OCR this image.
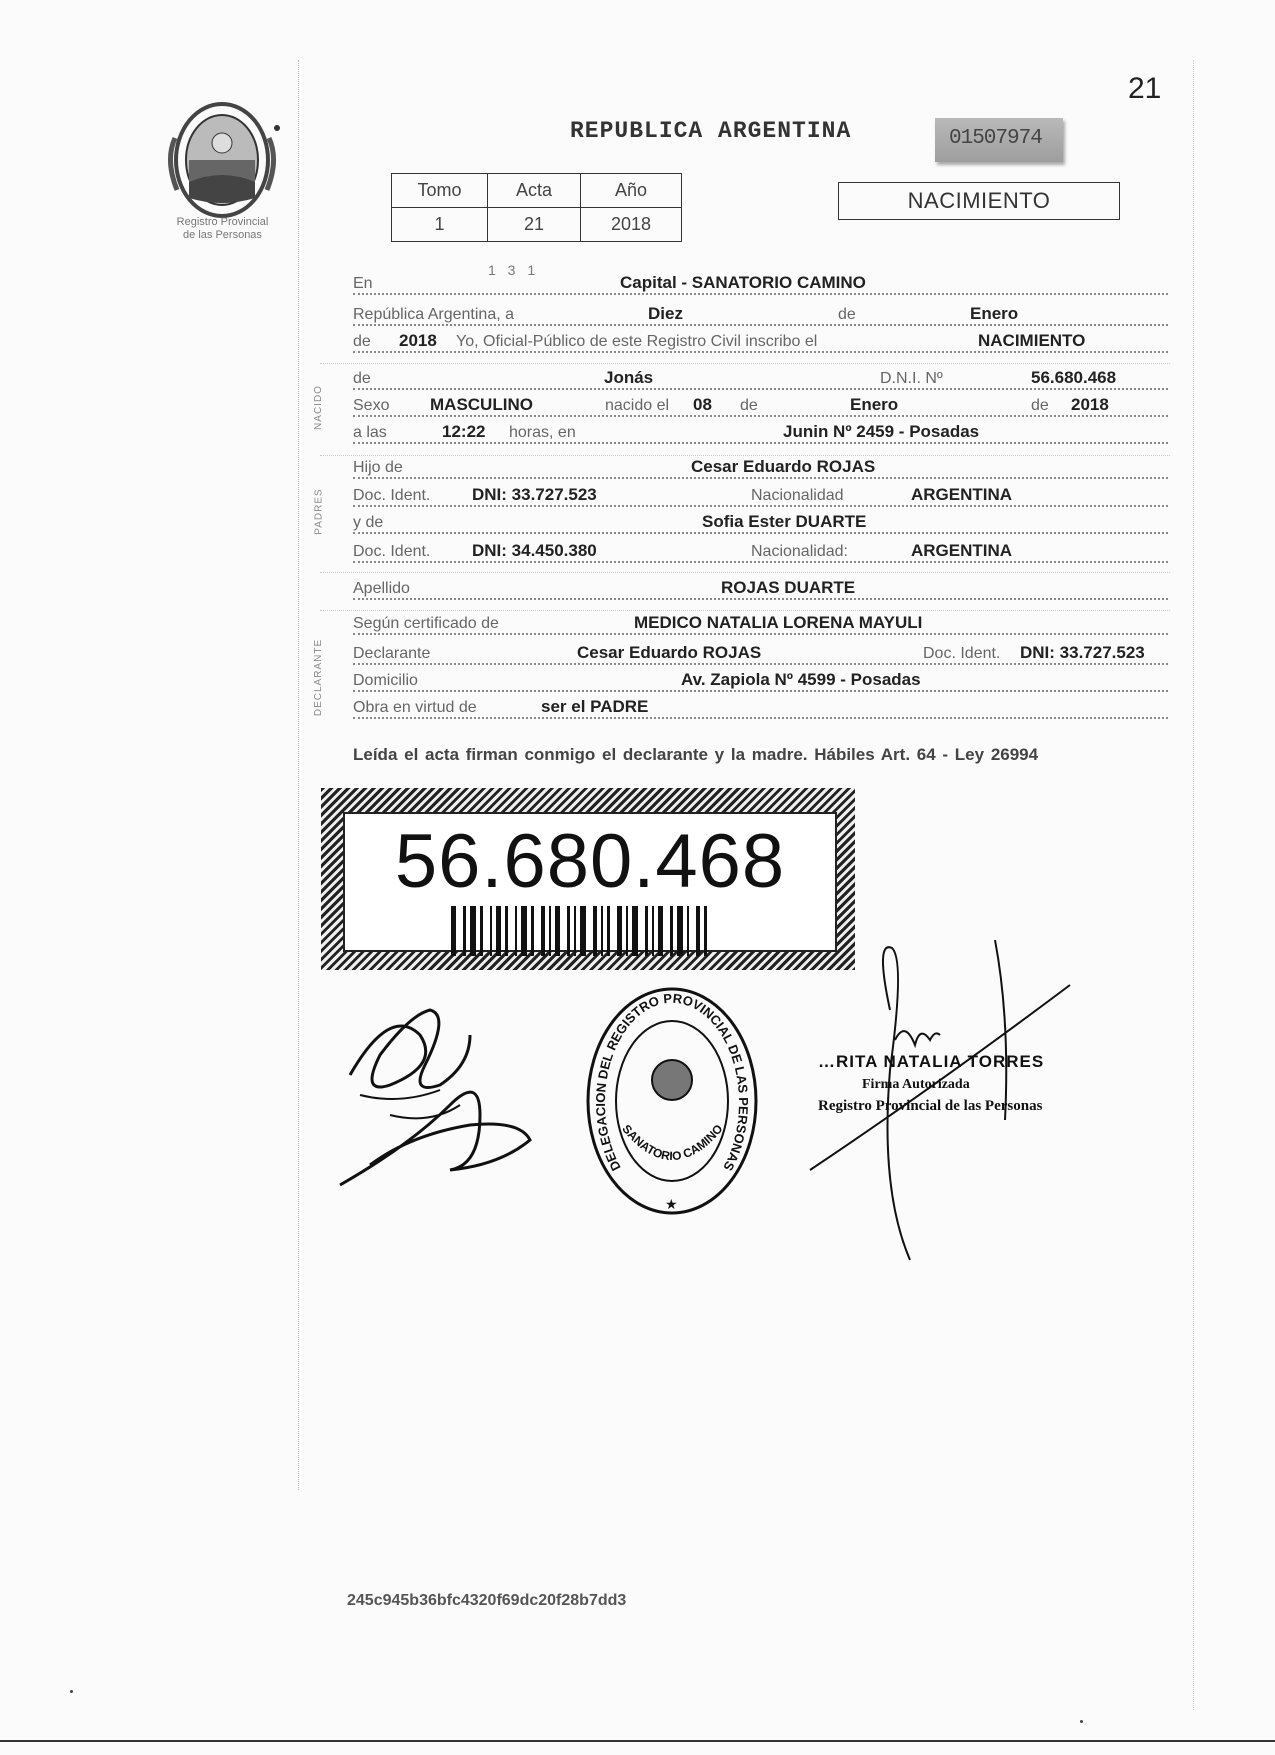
21
Registro Provincial
de las Personas
REPUBLICA ARGENTINA	01507974
Tomo	Acta	Año
1	21	2018
NACIMIENTO
1 3 1
En	Capital - SANATORIO CAMINO
República Argentina, a	Diez	de	Enero
de 2018 Yo, Oficial-Público de este Registro Civil inscribo el	NACIMIENTO
de	Jonás	D.N.I. Nº	56.680.468
Sexo MASCULINO	nacido el 08 de	Enero	de 2018
a las	12:22 horas, en	Junin Nº 2459 - Posadas
Hijo de	Cesar Eduardo ROJAS
Doc. Ident. DNI: 33.727.523	Nacionalidad	ARGENTINA
y de	Sofia Ester DUARTE
Doc. Ident. DNI: 34.450.380	Nacionalidad:	ARGENTINA
Apellido	ROJAS DUARTE
Según certificado de	MEDICO NATALIA LORENA MAYULI
Declarante	Cesar Eduardo ROJAS	Doc. Ident. DNI: 33.727.523
Domicilio	Av. Zapiola Nº 4599 - Posadas
Obra en virtud de	ser el PADRE
NACIDO
PADRES
DECLARANTE
Leída el acta firman conmigo el declarante y la madre. Hábiles Art. 64 - Ley 26994
56.680.468
DELEGACION DEL REGISTRO PROVINCIAL DE LAS PERSONAS
SANATORIO CAMINO
★
…RITA NATALIA TORRES
Firma Autorizada
Registro Provincial de las Personas
245c945b36bfc4320f69dc20f28b7dd3
